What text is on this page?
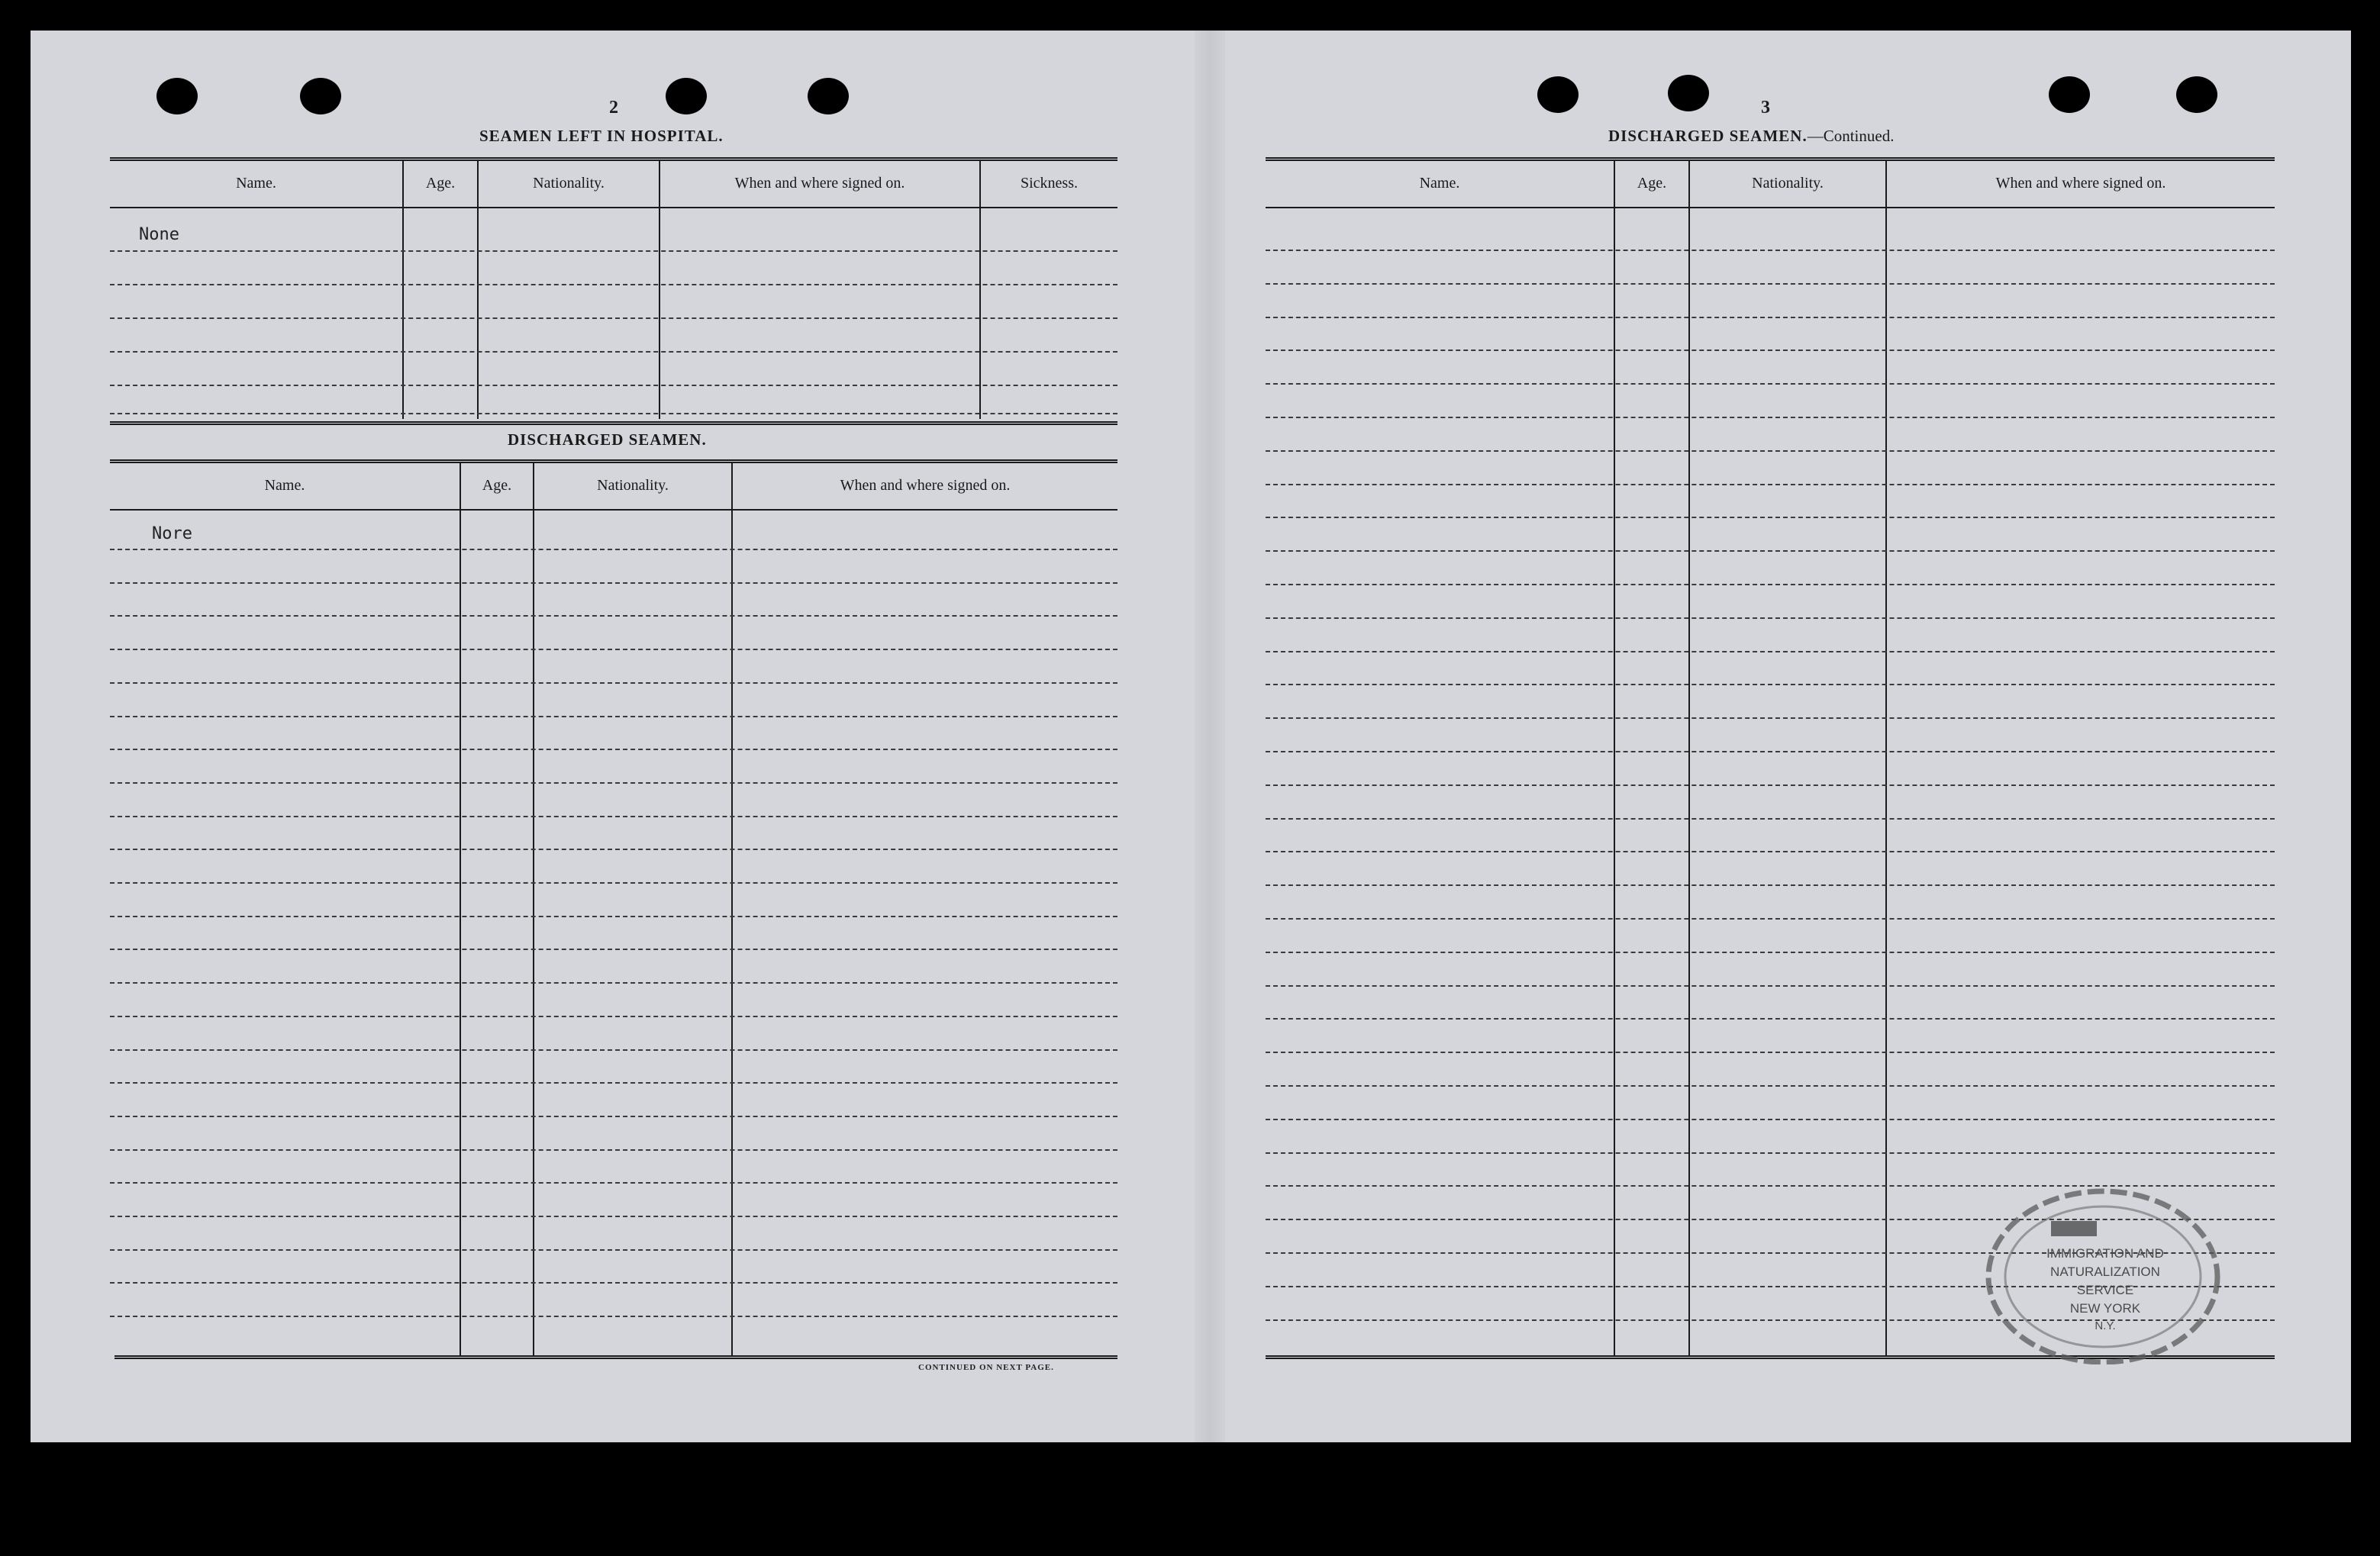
2
SEAMEN LEFT IN HOSPITAL.
Name.	Age.	Nationality.	When and where signed on.	Sickness.
None
DISCHARGED SEAMEN.
Name.	Age.	Nationality.	When and where signed on.
Nore
CONTINUED ON NEXT PAGE.
3
DISCHARGED SEAMEN.—Continued.
Name.	Age.	Nationality.	When and where signed on.
IMMIGRATION AND
NATURALIZATION
SERVICE
NEW YORK
N.Y.
